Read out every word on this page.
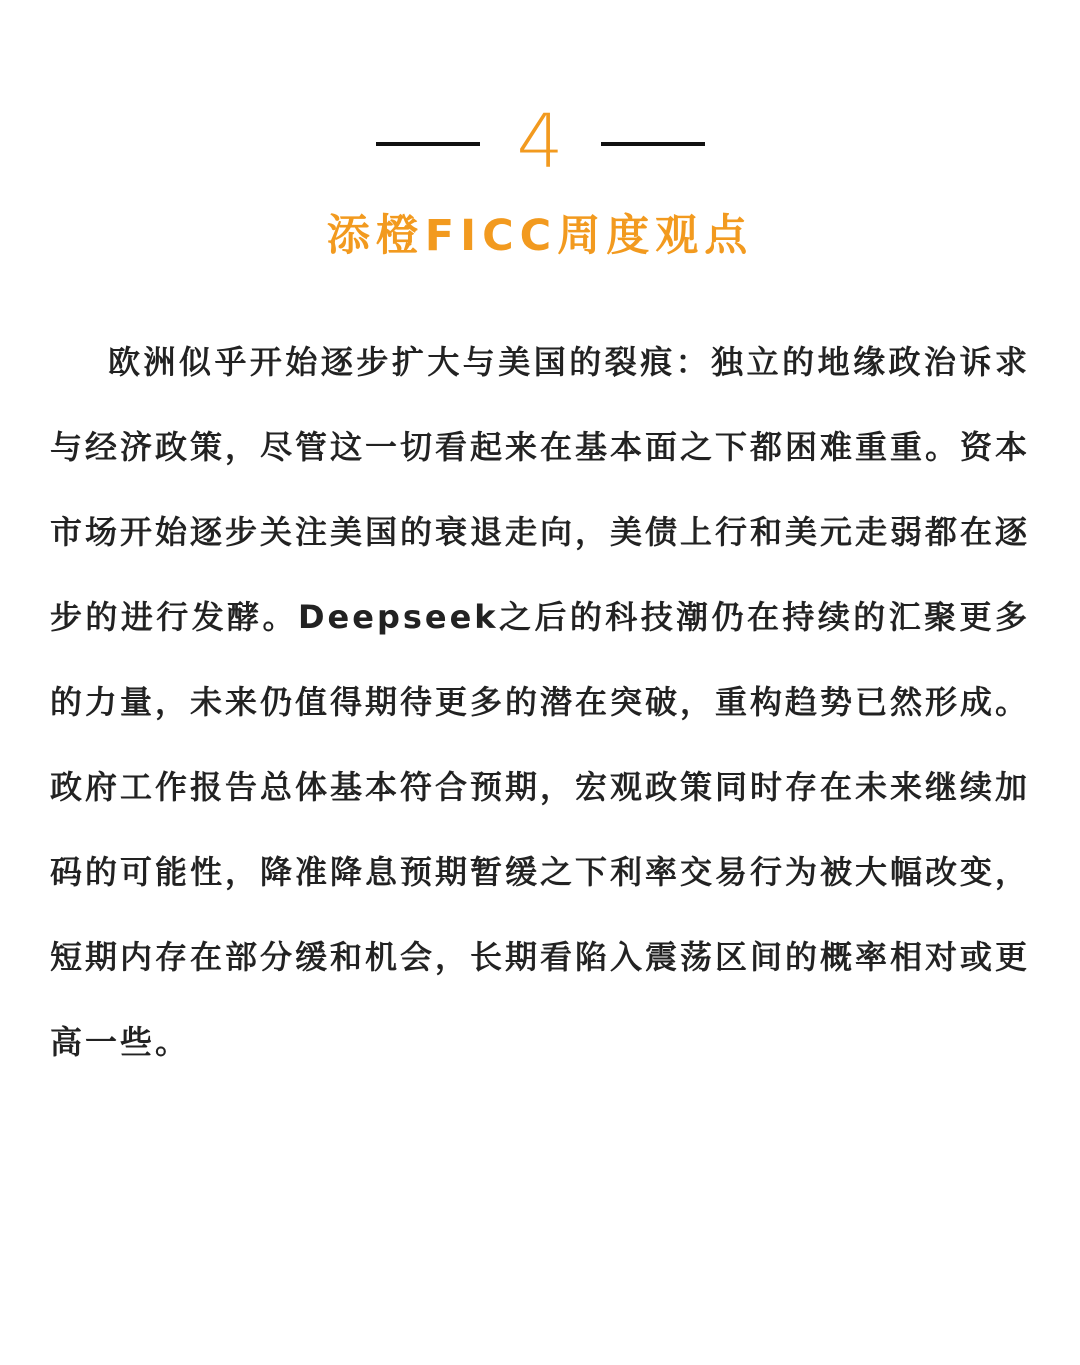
4
添橙FICC周度观点

欧洲似乎开始逐步扩大与美国的裂痕：独立的地缘政治诉求与经济政策，尽管这一切看起来在基本面之下都困难重重。资本市场开始逐步关注美国的衰退走向，美债上行和美元走弱都在逐步的进行发酵。Deepseek之后的科技潮仍在持续的汇聚更多的力量，未来仍值得期待更多的潜在突破，重构趋势已然形成。政府工作报告总体基本符合预期，宏观政策同时存在未来继续加码的可能性，降准降息预期暂缓之下利率交易行为被大幅改变，短期内存在部分缓和机会，长期看陷入震荡区间的概率相对或更高一些。
